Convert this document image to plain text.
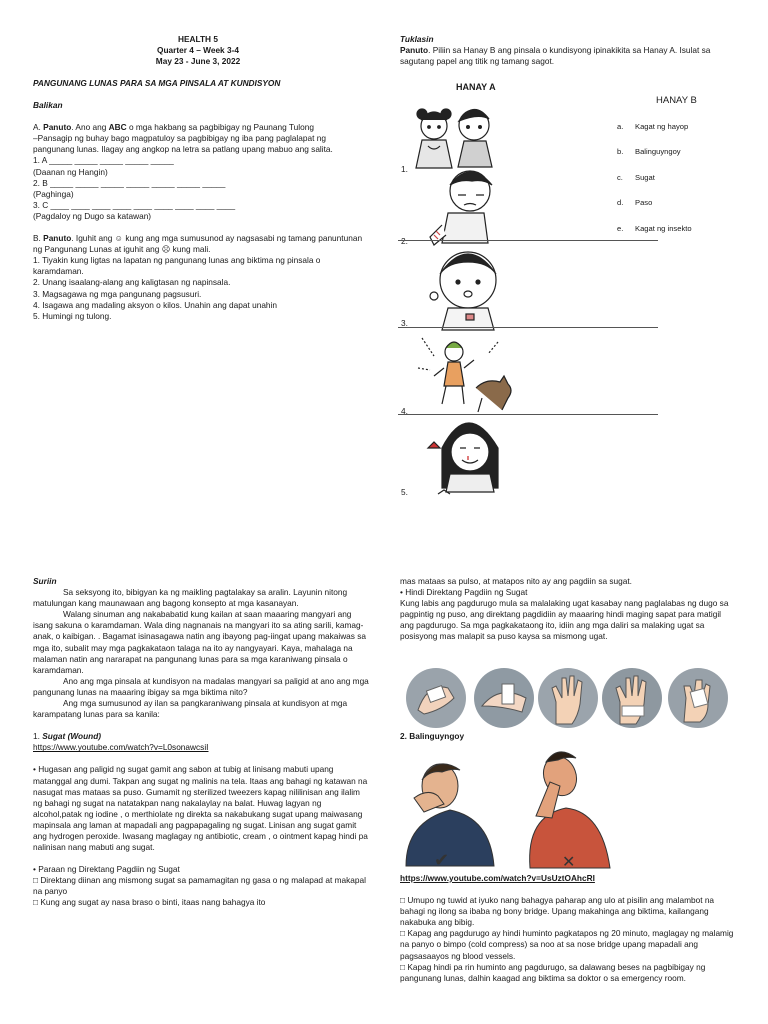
HEALTH 5
Quarter 4 – Week 3-4
May 23 - June 3, 2022

PANGUNANG LUNAS PARA SA MGA PINSALA AT KUNDISYON

Balikan

A. Panuto. Ano ang ABC o mga hakbang sa pagbibigay ng Paunang Tulong

–Pansagip ng buhay bago magpatuloy sa pagbibigay ng iba pang paglalapat ng pangunang lunas. Ilagay ang angkop na letra sa patlang upang mabuo ang salita.

1. A _____ _____ _____ _____ _____

(Daanan ng Hangin)

2. B _____ _____ _____ _____ _____ _____ _____

(Paghinga)

3. C ____ ____ ____ ____ ____ ____ ____ ____ ____

(Pagdaloy ng Dugo sa katawan)

B. Panuto. Iguhit ang ☺ kung ang mga sumusunod ay nagsasabi ng tamang panuntunan ng Pangunang Lunas at iguhit ang ☹ kung mali.

1. Tiyakin kung ligtas na lapatan ng pangunang lunas ang biktima ng pinsala o karamdaman.

2. Unang isaalang-alang ang kaligtasan ng napinsala.

3. Magsagawa ng mga pangunang pagsusuri.

4. Isagawa ang madaling aksyon o kilos. Unahin ang dapat unahin

5. Humingi ng tulong.

Tuklasin

Panuto. Piliin sa Hanay B ang pinsala o kundisyong ipinakikita sa Hanay A. Isulat sa sagutang papel ang titik ng tamang sagot.

HANAY A
HANAY B
1.
2.
3.
4.
5.
a. Kagat ng hayop
b. Balinguyngoy
c. Sugat
d. Paso
e. Kagat ng insekto

Suriin

Sa seksyong ito, bibigyan ka ng maikling pagtalakay sa aralin. Layunin nitong matulungan kang maunawaan ang bagong konsepto at mga kasanayan.

Walang sinuman ang nakababatid kung kailan at saan maaaring mangyari ang isang sakuna o karamdaman. Wala ding nagnanais na mangyari ito sa ating sarili, kamag-anak, o kaibigan. . Bagamat isinasagawa natin ang ibayong pag-iingat upang makaiwas sa mga ito, subalit may mga pagkakataon talaga na ito ay nangyayari. Kaya, mahalaga na malaman natin ang nararapat na pangunang lunas para sa mga karaniwang pinsala o karamdaman.

Ano ang mga pinsala at kundisyon na madalas mangyari sa paligid at ano ang mga pangunang lunas na maaaring ibigay sa mga biktima nito?

Ang mga sumusunod ay ilan sa pangkaraniwang pinsala at kundisyon at mga karampatang lunas para sa kanila:

1. Sugat (Wound)

https://www.youtube.com/watch?v=L0sonawcsiI

• Hugasan ang paligid ng sugat gamit ang sabon at tubig at linisang mabuti upang matanggal ang dumi. Takpan ang sugat ng malinis na tela. Itaas ang bahagi ng katawan na nasugat mas mataas sa puso. Gumamit ng sterilized tweezers kapag nililinisan ang ilalim ng bahagi ng sugat na natatakpan nang nakalaylay na balat. Huwag lagyan ng alcohol,patak ng iodine , o merthiolate ng direkta sa nakabukang sugat upang maiwasang mapinsala ang laman at mapadali ang pagpapagaling ng sugat. Linisan ang sugat gamit ang hydrogen peroxide. Iwasang maglagay ng antibiotic, cream , o ointment kapag hindi pa nalinisan nang mabuti ang sugat.

• Paraan ng Direktang Pagdiin ng Sugat

□ Direktang diinan ang mismong sugat sa pamamagitan ng gasa o ng malapad at makapal na panyo

□ Kung ang sugat ay nasa braso o binti, itaas nang bahagya ito

mas mataas sa pulso, at matapos nito ay ang pagdiin sa sugat.

• Hindi Direktang Pagdiin ng Sugat

Kung labis ang pagdurugo mula sa malalaking ugat kasabay nang paglalabas ng dugo sa pagpintig ng puso, ang direktang pagdidiin ay maaaring hindi maging sapat para matigil ang pagdurugo. Sa mga pagkakataong ito, idiin ang mga daliri sa malaking ugat sa posisyong mas malapit sa puso kaysa sa mismong ugat.

2. Balinguyngoy
✔	✕

https://www.youtube.com/watch?v=UsUztOAhcRI

□ Umupo ng tuwid at iyuko nang bahagya paharap ang ulo at pisilin ang malambot na bahagi ng ilong sa ibaba ng bony bridge. Upang makahinga ang biktima, kailangang nakabuka ang bibig.

□ Kapag ang pagdurugo ay hindi huminto pagkatapos ng 20 minuto, maglagay ng malamig na panyo o bimpo (cold compress) sa noo at sa nose bridge upang mapadali ang pagsasaayos ng blood vessels.

□ Kapag hindi pa rin huminto ang pagdurugo, sa dalawang beses na pagbibigay ng pangunang lunas, dalhin kaagad ang biktima sa doktor o sa emergency room.
